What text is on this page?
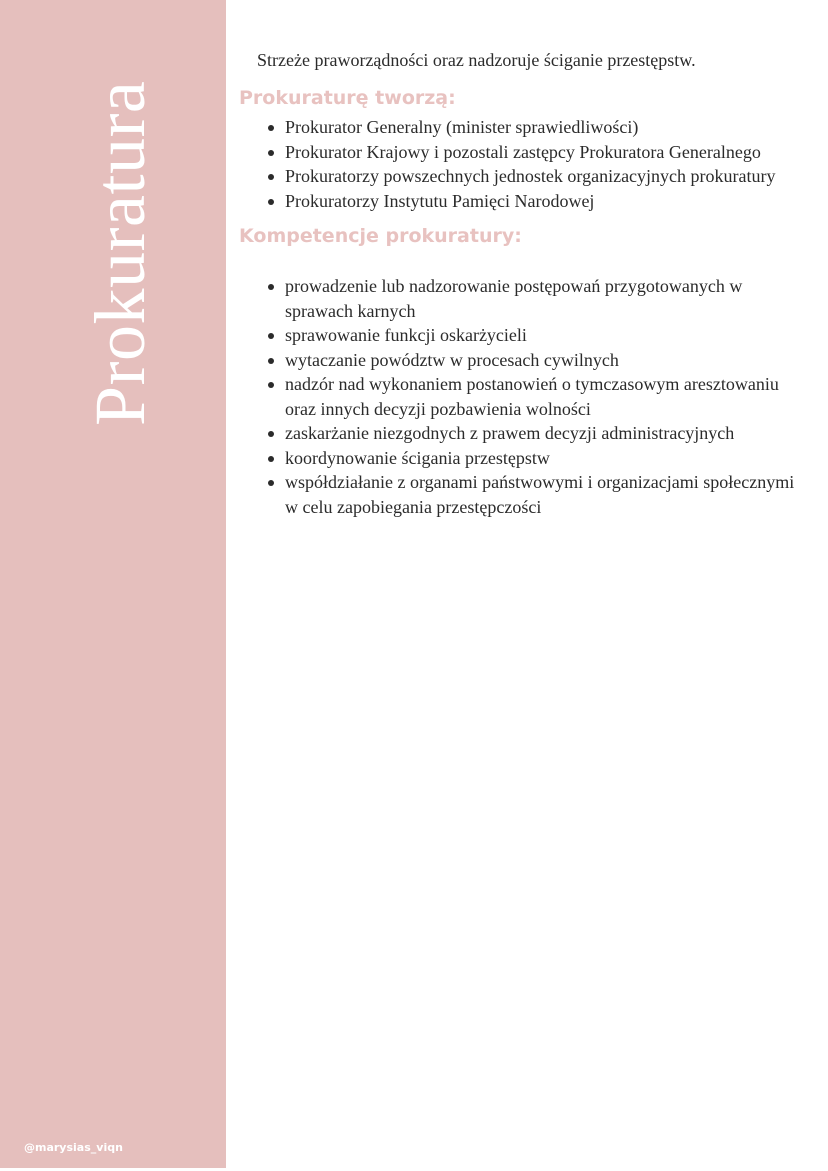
Prokuratura
@marysias_viqn

Strzeże praworządności oraz nadzoruje ściganie przestępstw.

Prokuraturę tworzą:
Prokurator Generalny (minister sprawiedliwości)
Prokurator Krajowy i pozostali zastępcy Prokuratora Generalnego
Prokuratorzy powszechnych jednostek organizacyjnych prokuratury
Prokuratorzy Instytutu Pamięci Narodowej
Kompetencje prokuratury:
prowadzenie lub nadzorowanie postępowań przygotowanych w sprawach karnych
sprawowanie funkcji oskarżycieli
wytaczanie powództw w procesach cywilnych
nadzór nad wykonaniem postanowień o tymczasowym aresztowaniu oraz innych decyzji pozbawienia wolności
zaskarżanie niezgodnych z prawem decyzji administracyjnych
koordynowanie ścigania przestępstw
współdziałanie z organami państwowymi i organizacjami społecznymi w celu zapobiegania przestępczości
